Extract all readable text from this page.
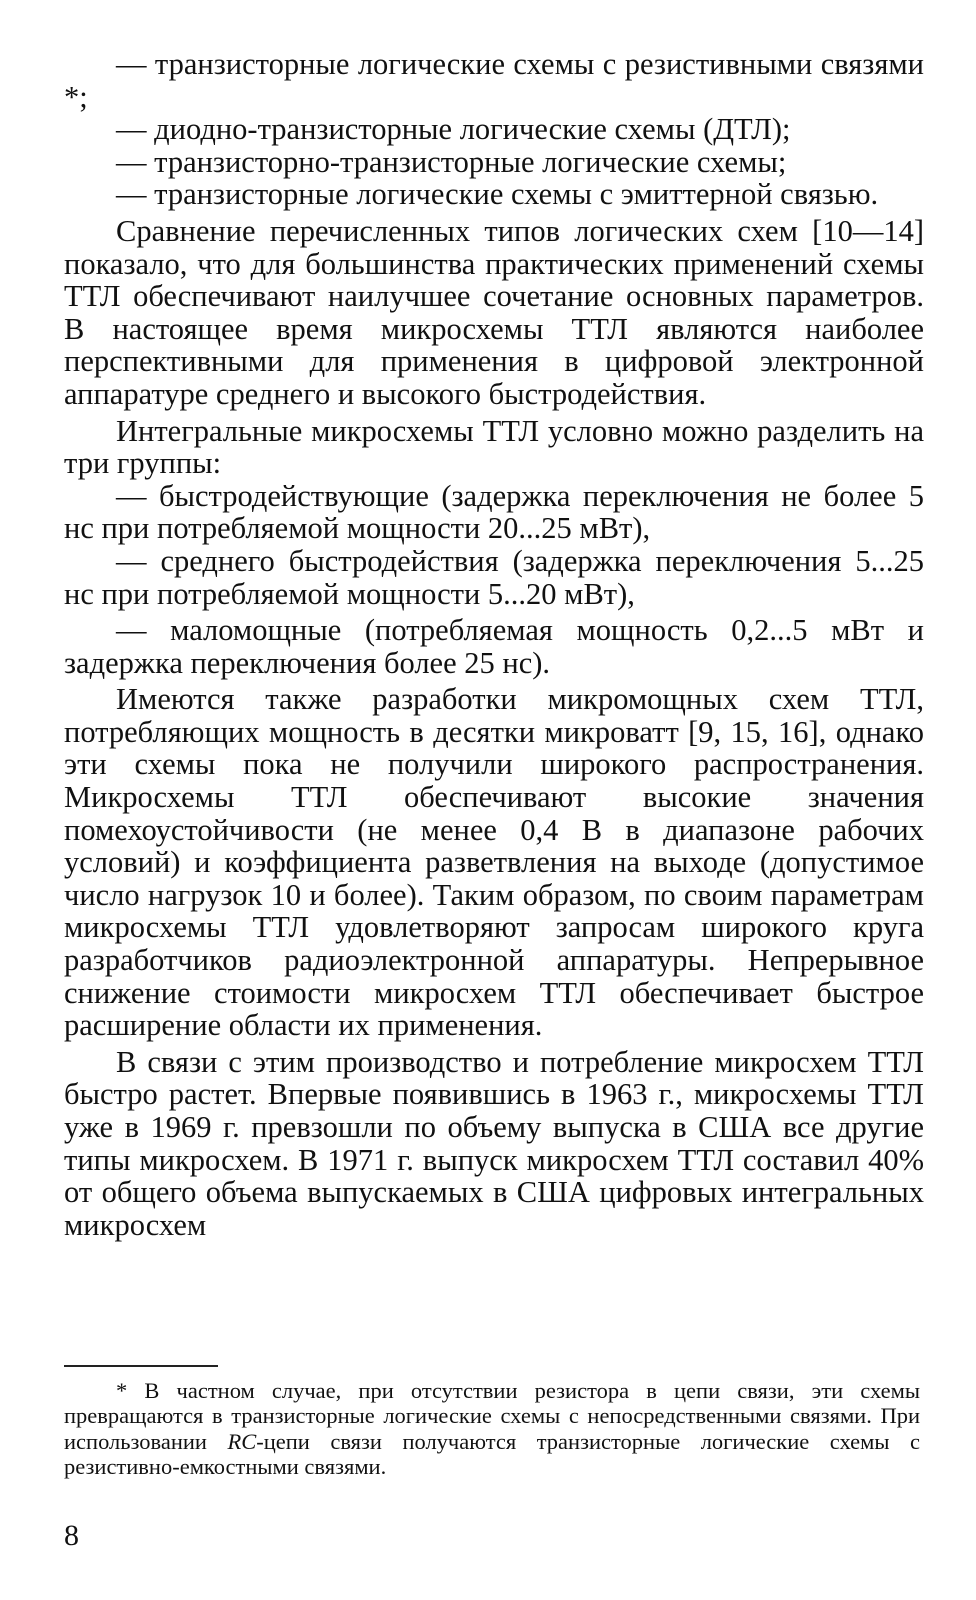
— транзисторные логические схемы с резистивными связями *;

— диодно-транзисторные логические схемы (ДТЛ);

— транзисторно-транзисторные логические схемы;

— транзисторные логические схемы с эмиттерной связью.

Сравнение перечисленных типов логических схем [10—14] показало, что для большинства практических применений схемы ТТЛ обеспечивают наилучшее сочетание основных параметров. В настоящее время микросхемы ТТЛ являются наиболее перспективными для применения в цифровой электронной аппаратуре среднего и высокого быстродействия.

Интегральные микросхемы ТТЛ условно можно разделить на три группы:

— быстродействующие (задержка переключения не более 5 нс при потребляемой мощности 20...25 мВт),

— среднего быстродействия (задержка переключения 5...25 нс при потребляемой мощности 5...20 мВт),

— маломощные (потребляемая мощность 0,2...5 мВт и задержка переключения более 25 нс).

Имеются также разработки микромощных схем ТТЛ, потребляющих мощность в десятки микроватт [9, 15, 16], однако эти схемы пока не получили широкого распространения. Микросхемы ТТЛ обеспечивают высокие значения помехоустойчивости (не менее 0,4 В в диапазоне рабочих условий) и коэффициента разветвления на выходе (допустимое число нагрузок 10 и более). Таким образом, по своим параметрам микросхемы ТТЛ удовлетворяют запросам широкого круга разработчиков радиоэлектронной аппаратуры. Непрерывное снижение стоимости микросхем ТТЛ обеспечивает быстрое расширение области их применения.

В связи с этим производство и потребление микросхем ТТЛ быстро растет. Впервые появившись в 1963 г., микросхемы ТТЛ уже в 1969 г. превзошли по объему выпуска в США все другие типы микросхем. В 1971 г. выпуск микросхем ТТЛ составил 40% от общего объема выпускаемых в США цифровых интегральных микросхем

* В частном случае, при отсутствии резистора в цепи связи, эти схемы превращаются в транзисторные логические схемы с непосредственными связями. При использовании RC-цепи связи получаются транзисторные логические схемы с резистивно-емкостными связями.

8
